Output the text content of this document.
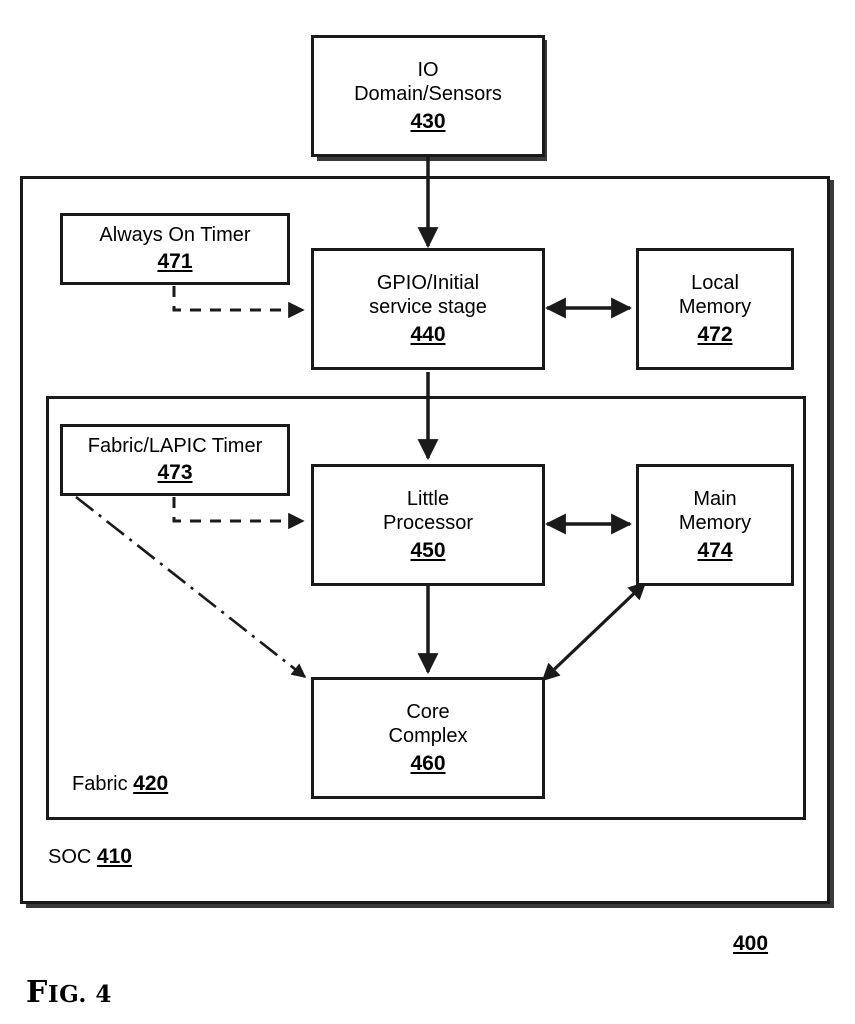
SOC 410
Fabric 420
IO
Domain/Sensors
430
Always On Timer
471
GPIO/Initial
service stage
440
Local
Memory
472
Fabric/LAPIC Timer
473
Little
Processor
450
Main
Memory
474
Core
Complex
460
400
FIG. 4
